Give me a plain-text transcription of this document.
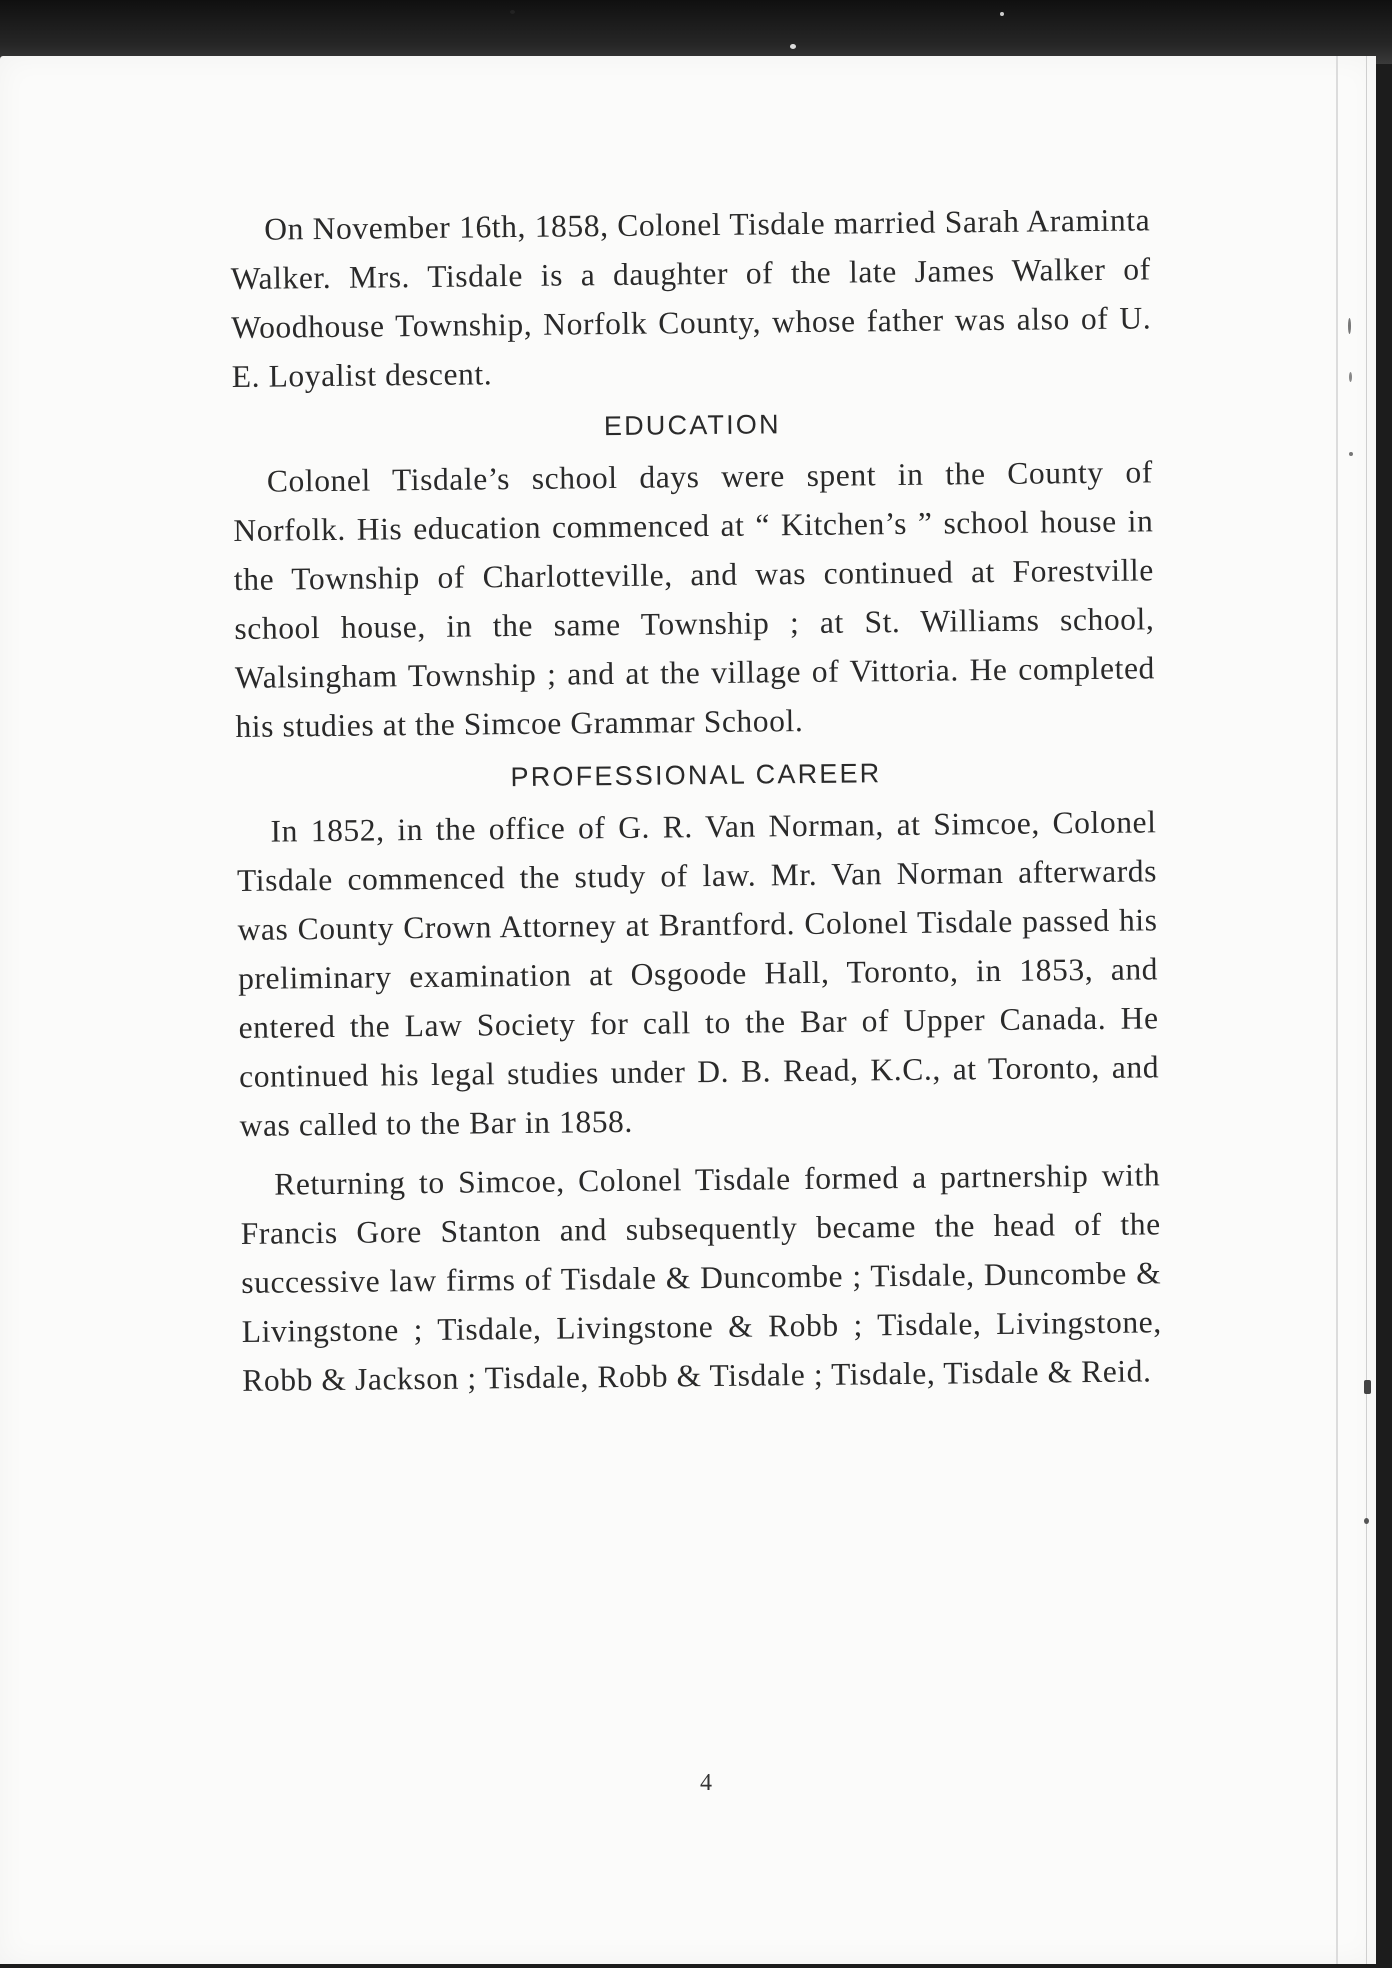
On November 16th, 1858, Colonel Tisdale married Sarah Araminta Walker. Mrs. Tisdale is a daughter of the late James Walker of Woodhouse Township, Norfolk County, whose father was also of U. E. Loyalist descent.

EDUCATION

Colonel Tisdale’s school days were spent in the County of Norfolk. His education commenced at “ Kitchen’s ” school house in the Township of Charlotteville, and was continued at Forestville school house, in the same Township ; at St. Williams school, Walsingham Township ; and at the village of Vittoria. He completed his studies at the Simcoe Grammar School.

PROFESSIONAL CAREER

In 1852, in the office of G. R. Van Norman, at Simcoe, Colonel Tisdale commenced the study of law. Mr. Van Norman afterwards was County Crown Attorney at Brantford. Colonel Tisdale passed his preliminary examination at Osgoode Hall, Toronto, in 1853, and entered the Law Society for call to the Bar of Upper Canada. He continued his legal studies under D. B. Read, K.C., at Toronto, and was called to the Bar in 1858.

Returning to Simcoe, Colonel Tisdale formed a partnership with Francis Gore Stanton and subsequently became the head of the successive law firms of Tisdale & Duncombe ; Tisdale, Duncombe & Livingstone ; Tisdale, Livingstone & Robb ; Tisdale, Livingstone, Robb & Jackson ; Tisdale, Robb & Tisdale ; Tisdale, Tisdale & Reid.

4
